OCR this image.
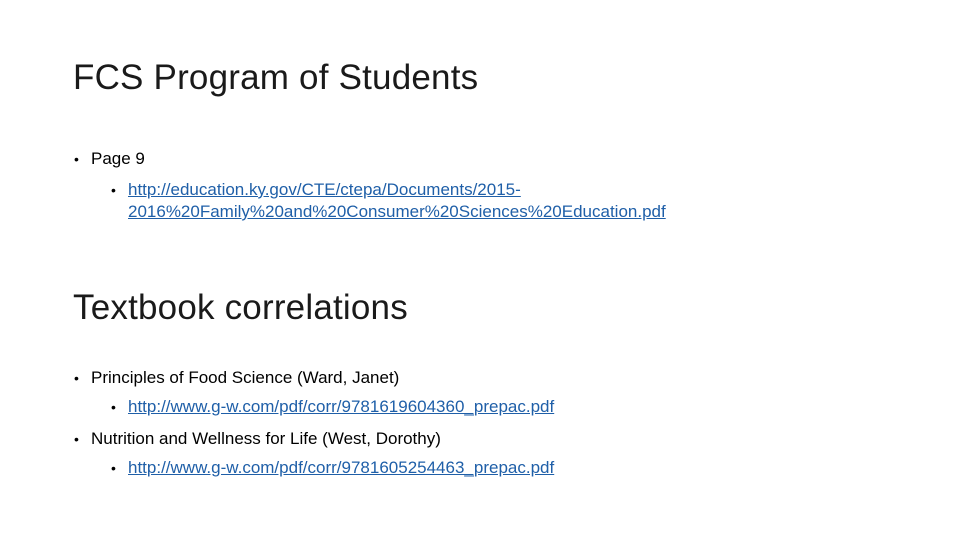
FCS Program of Students
• Page 9
• http://education.ky.gov/CTE/ctepa/Documents/2015-
2016%20Family%20and%20Consumer%20Sciences%20Education.pdf
Textbook correlations
• Principles of Food Science (Ward, Janet)
• http://www.g-w.com/pdf/corr/9781619604360_prepac.pdf
• Nutrition and Wellness for Life (West, Dorothy)
• http://www.g-w.com/pdf/corr/9781605254463_prepac.pdf
